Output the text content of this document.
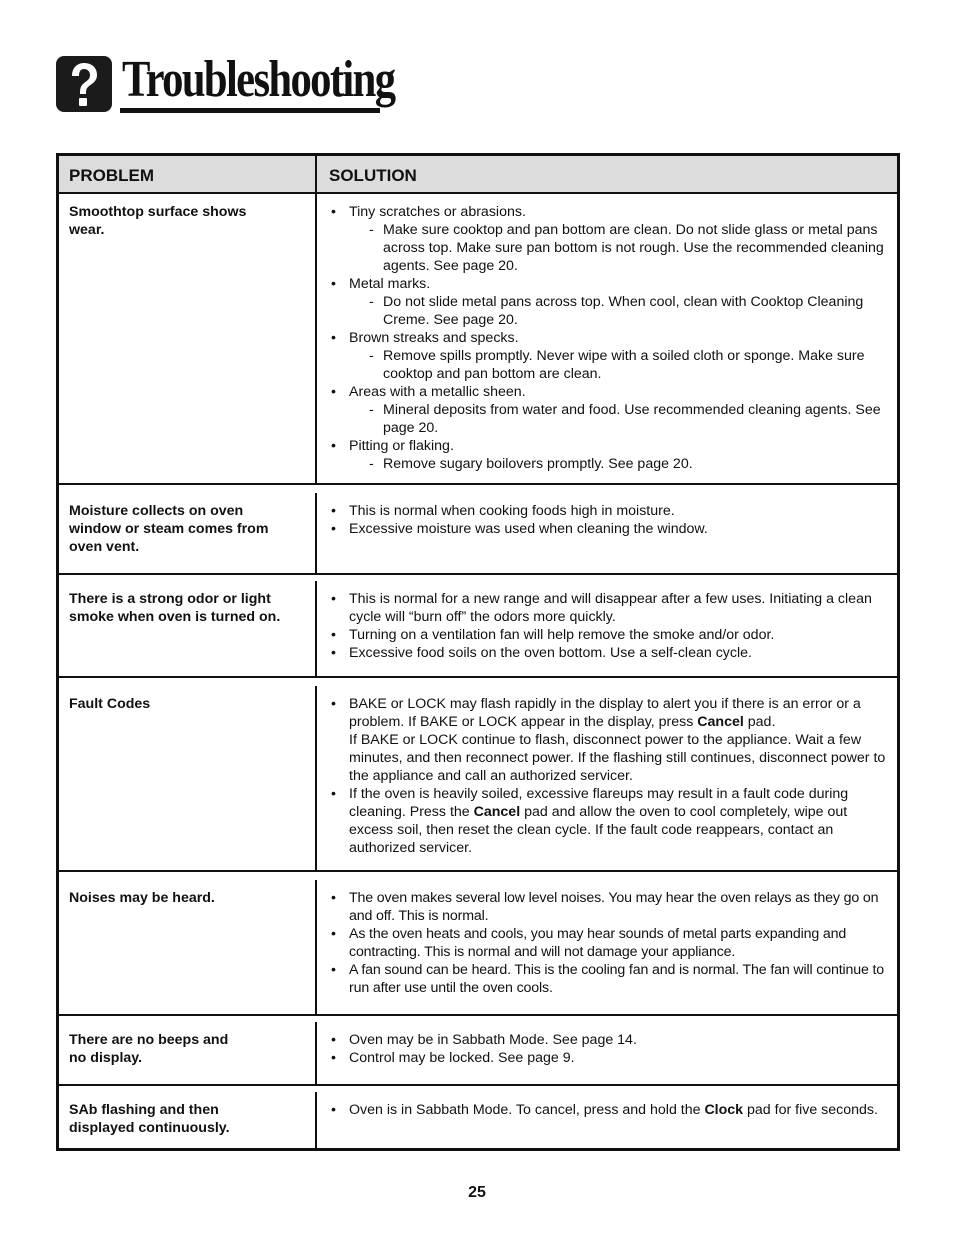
Troubleshooting
PROBLEM	SOLUTION
Smoothtop surface shows
wear.
• Tiny scratches or abrasions.
- Make sure cooktop and pan bottom are clean. Do not slide glass or metal pans across top. Make sure pan bottom is not rough. Use the recommended cleaning agents. See page 20.
• Metal marks.
- Do not slide metal pans across top. When cool, clean with Cooktop Cleaning Creme. See page 20.
• Brown streaks and specks.
- Remove spills promptly. Never wipe with a soiled cloth or sponge. Make sure cooktop and pan bottom are clean.
• Areas with a metallic sheen.
- Mineral deposits from water and food. Use recommended cleaning agents. See page 20.
• Pitting or flaking.
- Remove sugary boilovers promptly. See page 20.
Moisture collects on oven
window or steam comes from
oven vent.
• This is normal when cooking foods high in moisture.
• Excessive moisture was used when cleaning the window.
There is a strong odor or light
smoke when oven is turned on.
• This is normal for a new range and will disappear after a few uses. Initiating a clean cycle will “burn off” the odors more quickly.
• Turning on a ventilation fan will help remove the smoke and/or odor.
• Excessive food soils on the oven bottom. Use a self-clean cycle.
Fault Codes	• BAKE or LOCK may flash rapidly in the display to alert you if there is an error or a problem. If BAKE or LOCK appear in the display, press Cancel pad.
If BAKE or LOCK continue to flash, disconnect power to the appliance. Wait a few minutes, and then reconnect power. If the flashing still continues, disconnect power to the appliance and call an authorized servicer.
• If the oven is heavily soiled, excessive flareups may result in a fault code during cleaning. Press the Cancel pad and allow the oven to cool completely, wipe out excess soil, then reset the clean cycle. If the fault code reappears, contact an authorized servicer.
Noises may be heard.	• The oven makes several low level noises. You may hear the oven relays as they go on and off. This is normal.
• As the oven heats and cools, you may hear sounds of metal parts expanding and contracting. This is normal and will not damage your appliance.
• A fan sound can be heard. This is the cooling fan and is normal. The fan will continue to run after use until the oven cools.
There are no beeps and
no display.
• Oven may be in Sabbath Mode. See page 14.
• Control may be locked. See page 9.
SAb flashing and then
displayed continuously.
• Oven is in Sabbath Mode. To cancel, press and hold the Clock pad for five seconds.
25
